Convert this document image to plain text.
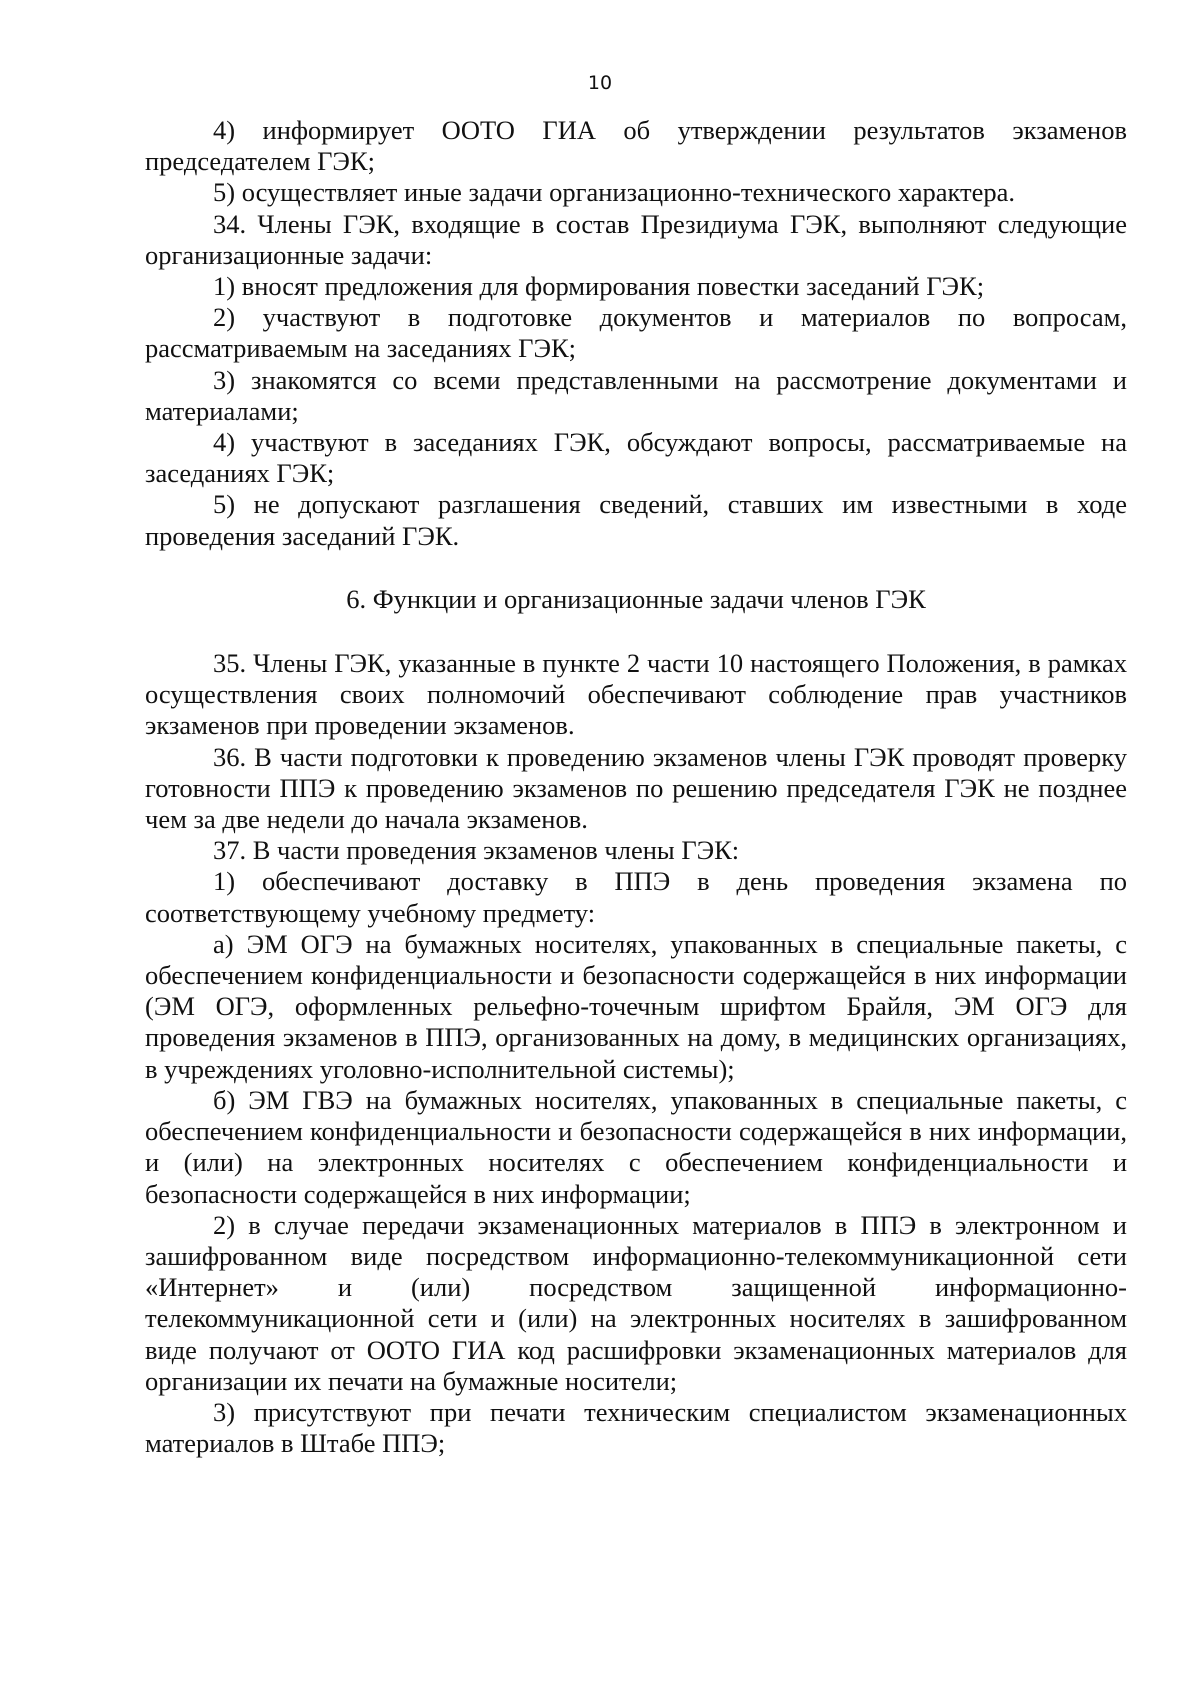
10

4) информирует ООТО ГИА об утверждении результатов экзаменов председателем ГЭК;

5) осуществляет иные задачи организационно-технического характера.

34. Члены ГЭК, входящие в состав Президиума ГЭК, выполняют следующие организационные задачи:

1) вносят предложения для формирования повестки заседаний ГЭК;

2) участвуют в подготовке документов и материалов по вопросам, рассматриваемым на заседаниях ГЭК;

3) знакомятся со всеми представленными на рассмотрение документами и материалами;

4) участвуют в заседаниях ГЭК, обсуждают вопросы, рассматриваемые на заседаниях ГЭК;

5) не допускают разглашения сведений, ставших им известными в ходе проведения заседаний ГЭК.

6. Функции и организационные задачи членов ГЭК

35. Члены ГЭК, указанные в пункте 2 части 10 настоящего Положения, в рамках осуществления своих полномочий обеспечивают соблюдение прав участников экзаменов при проведении экзаменов.

36. В части подготовки к проведению экзаменов члены ГЭК проводят проверку готовности ППЭ к проведению экзаменов по решению председателя ГЭК не позднее чем за две недели до начала экзаменов.

37. В части проведения экзаменов члены ГЭК:

1) обеспечивают доставку в ППЭ в день проведения экзамена по соответствующему учебному предмету:

а) ЭМ ОГЭ на бумажных носителях, упакованных в специальные пакеты, с обеспечением конфиденциальности и безопасности содержащейся в них информации (ЭМ ОГЭ, оформленных рельефно-точечным шрифтом Брайля, ЭМ ОГЭ для проведения экзаменов в ППЭ, организованных на дому, в медицинских организациях, в учреждениях уголовно-исполнительной системы);

б) ЭМ ГВЭ на бумажных носителях, упакованных в специальные пакеты, с обеспечением конфиденциальности и безопасности содержащейся в них информации, и (или) на электронных носителях с обеспечением конфиденциальности и безопасности содержащейся в них информации;

2) в случае передачи экзаменационных материалов в ППЭ в электронном и зашифрованном виде посредством информационно-телекоммуникационной сети «Интернет» и (или) посредством защищенной информационно-телекоммуникационной сети и (или) на электронных носителях в зашифрованном виде получают от ООТО ГИА код расшифровки экзаменационных материалов для организации их печати на бумажные носители;

3) присутствуют при печати техническим специалистом экзаменационных материалов в Штабе ППЭ;
